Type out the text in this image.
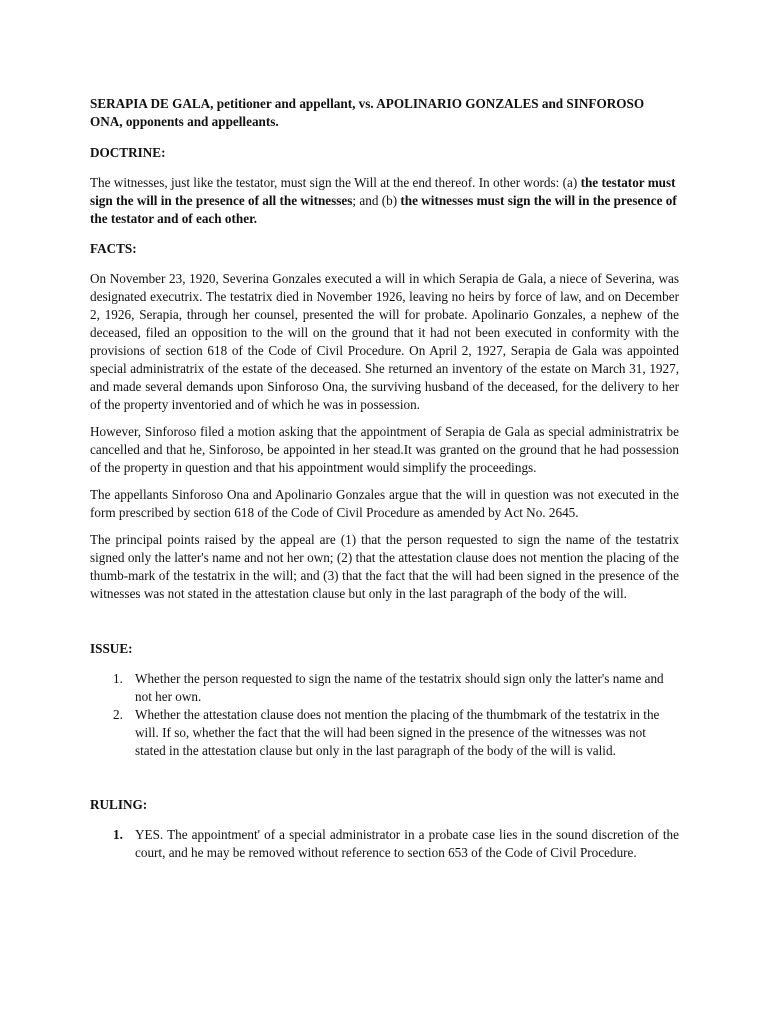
SERAPIA DE GALA, petitioner and appellant, vs. APOLINARIO GONZALES and SINFOROSO ONA, opponents and appelleants.

DOCTRINE:

The witnesses, just like the testator, must sign the Will at the end thereof. In other words: (a) the testator must sign the will in the presence of all the witnesses; and (b) the witnesses must sign the will in the presence of the testator and of each other.

FACTS:

On November 23, 1920, Severina Gonzales executed a will in which Serapia de Gala, a niece of Severina, was designated executrix. The testatrix died in November 1926, leaving no heirs by force of law, and on December 2, 1926, Serapia, through her counsel, presented the will for probate. Apolinario Gonzales, a nephew of the deceased, filed an opposition to the will on the ground that it had not been executed in conformity with the provisions of section 618 of the Code of Civil Procedure. On April 2, 1927, Serapia de Gala was appointed special administratrix of the estate of the deceased. She returned an inventory of the estate on March 31, 1927, and made several demands upon Sinforoso Ona, the surviving husband of the deceased, for the delivery to her of the property inventoried and of which he was in possession.

However, Sinforoso filed a motion asking that the appointment of Serapia de Gala as special administratrix be cancelled and that he, Sinforoso, be appointed in her stead.It was granted on the ground that he had possession of the property in question and that his appointment would simplify the proceedings.

The appellants Sinforoso Ona and Apolinario Gonzales argue that the will in question was not executed in the form prescribed by section 618 of the Code of Civil Procedure as amended by Act No. 2645.

The principal points raised by the appeal are (1) that the person requested to sign the name of the testatrix signed only the latter's name and not her own; (2) that the attestation clause does not mention the placing of the thumb-mark of the testatrix in the will; and (3) that the fact that the will had been signed in the presence of the witnesses was not stated in the attestation clause but only in the last paragraph of the body of the will.

ISSUE:
1. Whether the person requested to sign the name of the testatrix should sign only the latter's name and not her own.
2. Whether the attestation clause does not mention the placing of the thumbmark of the testatrix in the will. If so, whether the fact that the will had been signed in the presence of the witnesses was not stated in the attestation clause but only in the last paragraph of the body of the will is valid.
RULING:
1. YES. The appointment' of a special administrator in a probate case lies in the sound discretion of the court, and he may be removed without reference to section 653 of the Code of Civil Procedure.
